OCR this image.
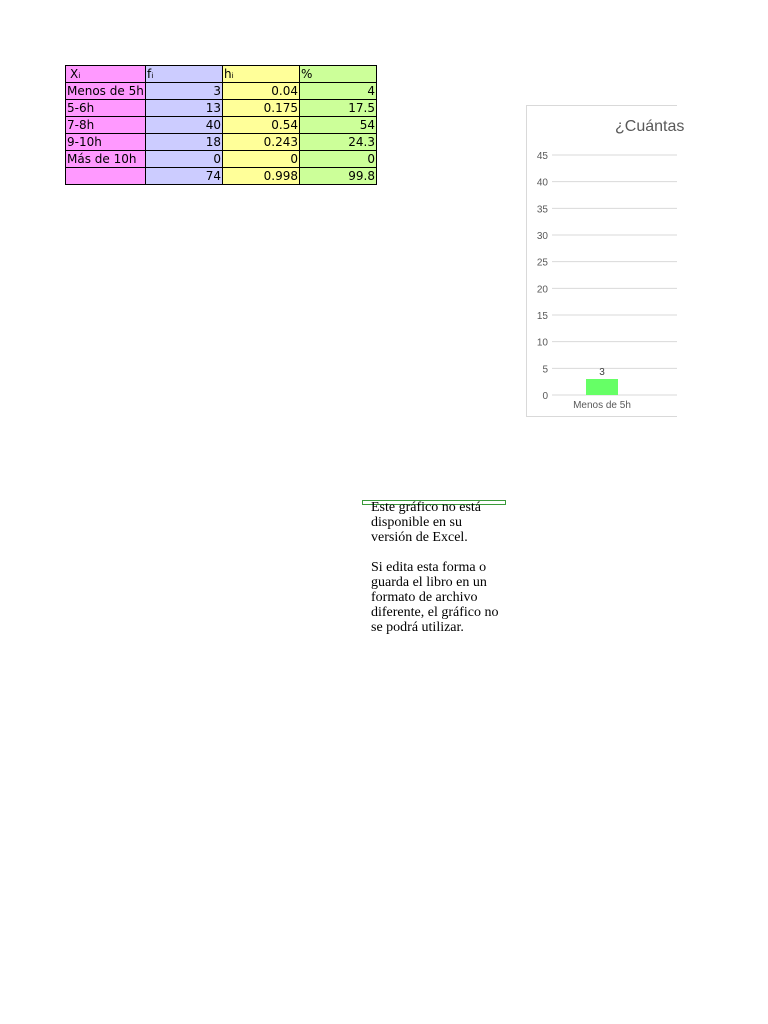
Xᵢ	fᵢ	hᵢ	%
Menos de 5h	3	0.04	4
5-6h	13	0.175	17.5
7-8h	40	0.54	54
9-10h	18	0.243	24.3
Más de 10h	0	0	0
	74	0.998	99.8
¿Cuántas
0
5
10
15
20
25
30
35
40
45
3
Menos de 5h

Este gráfico no está disponible en su versión de Excel.

Si edita esta forma o guarda el libro en un formato de archivo diferente, el gráfico no se podrá utilizar.
